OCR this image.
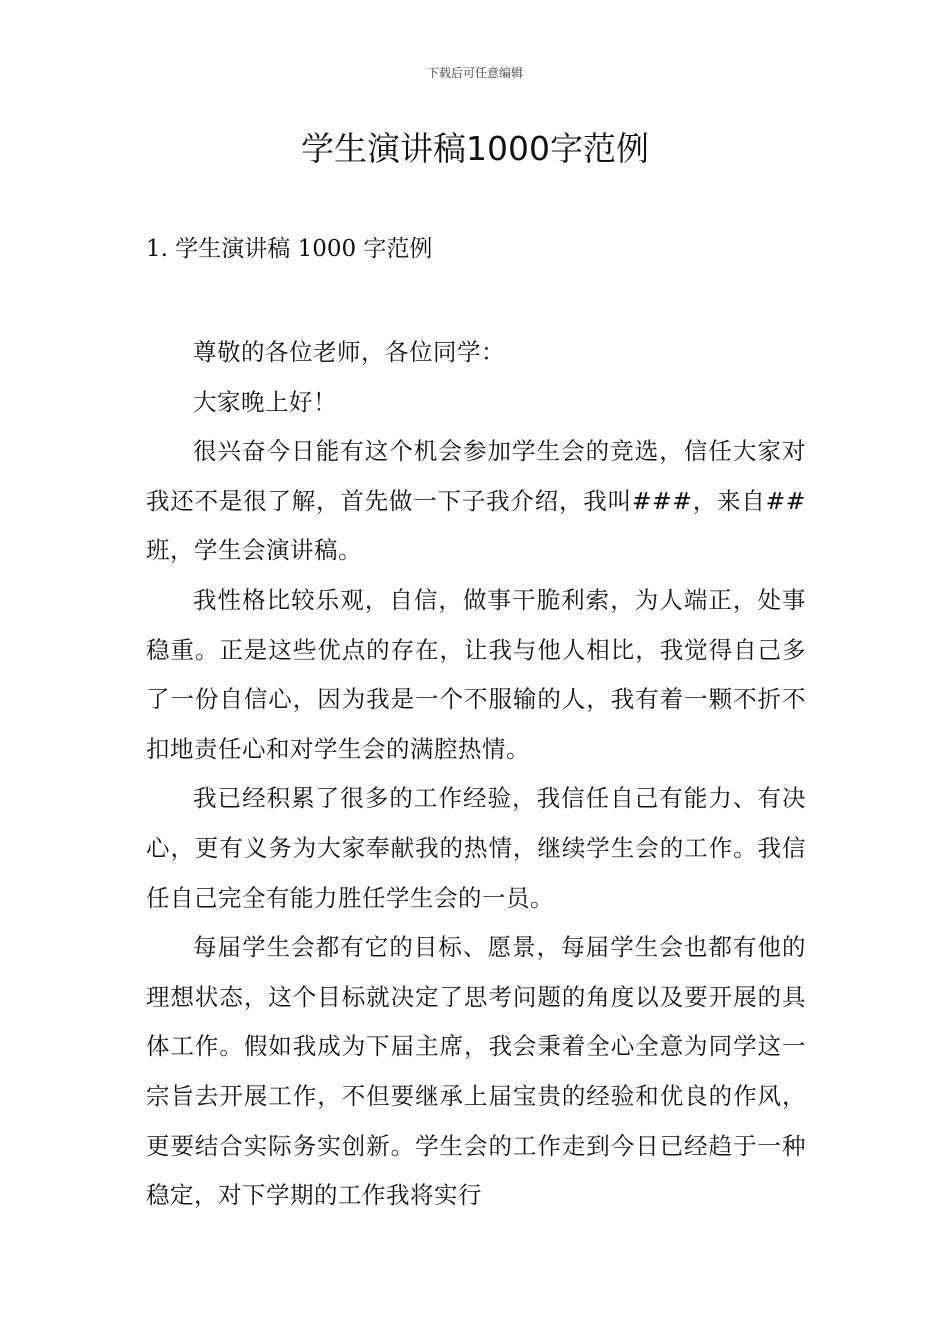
下载后可任意编辑
学生演讲稿1000字范例
1. 学生演讲稿 1000 字范例

尊敬的各位老师，各位同学：

大家晚上好！

很兴奋今日能有这个机会参加学生会的竞选，信任大家对我还不是很了解，首先做一下子我介绍，我叫###，来自##班，学生会演讲稿。

我性格比较乐观，自信，做事干脆利索，为人端正，处事稳重。正是这些优点的存在，让我与他人相比，我觉得自己多了一份自信心，因为我是一个不服输的人，我有着一颗不折不扣地责任心和对学生会的满腔热情。

我已经积累了很多的工作经验，我信任自己有能力、有决心，更有义务为大家奉献我的热情，继续学生会的工作。我信任自己完全有能力胜任学生会的一员。

每届学生会都有它的目标、愿景，每届学生会也都有他的理想状态，这个目标就决定了思考问题的角度以及要开展的具体工作。假如我成为下届主席，我会秉着全心全意为同学这一宗旨去开展工作，不但要继承上届宝贵的经验和优良的作风，更要结合实际务实创新。学生会的工作走到今日已经趋于一种稳定，对下学期的工作我将实行
